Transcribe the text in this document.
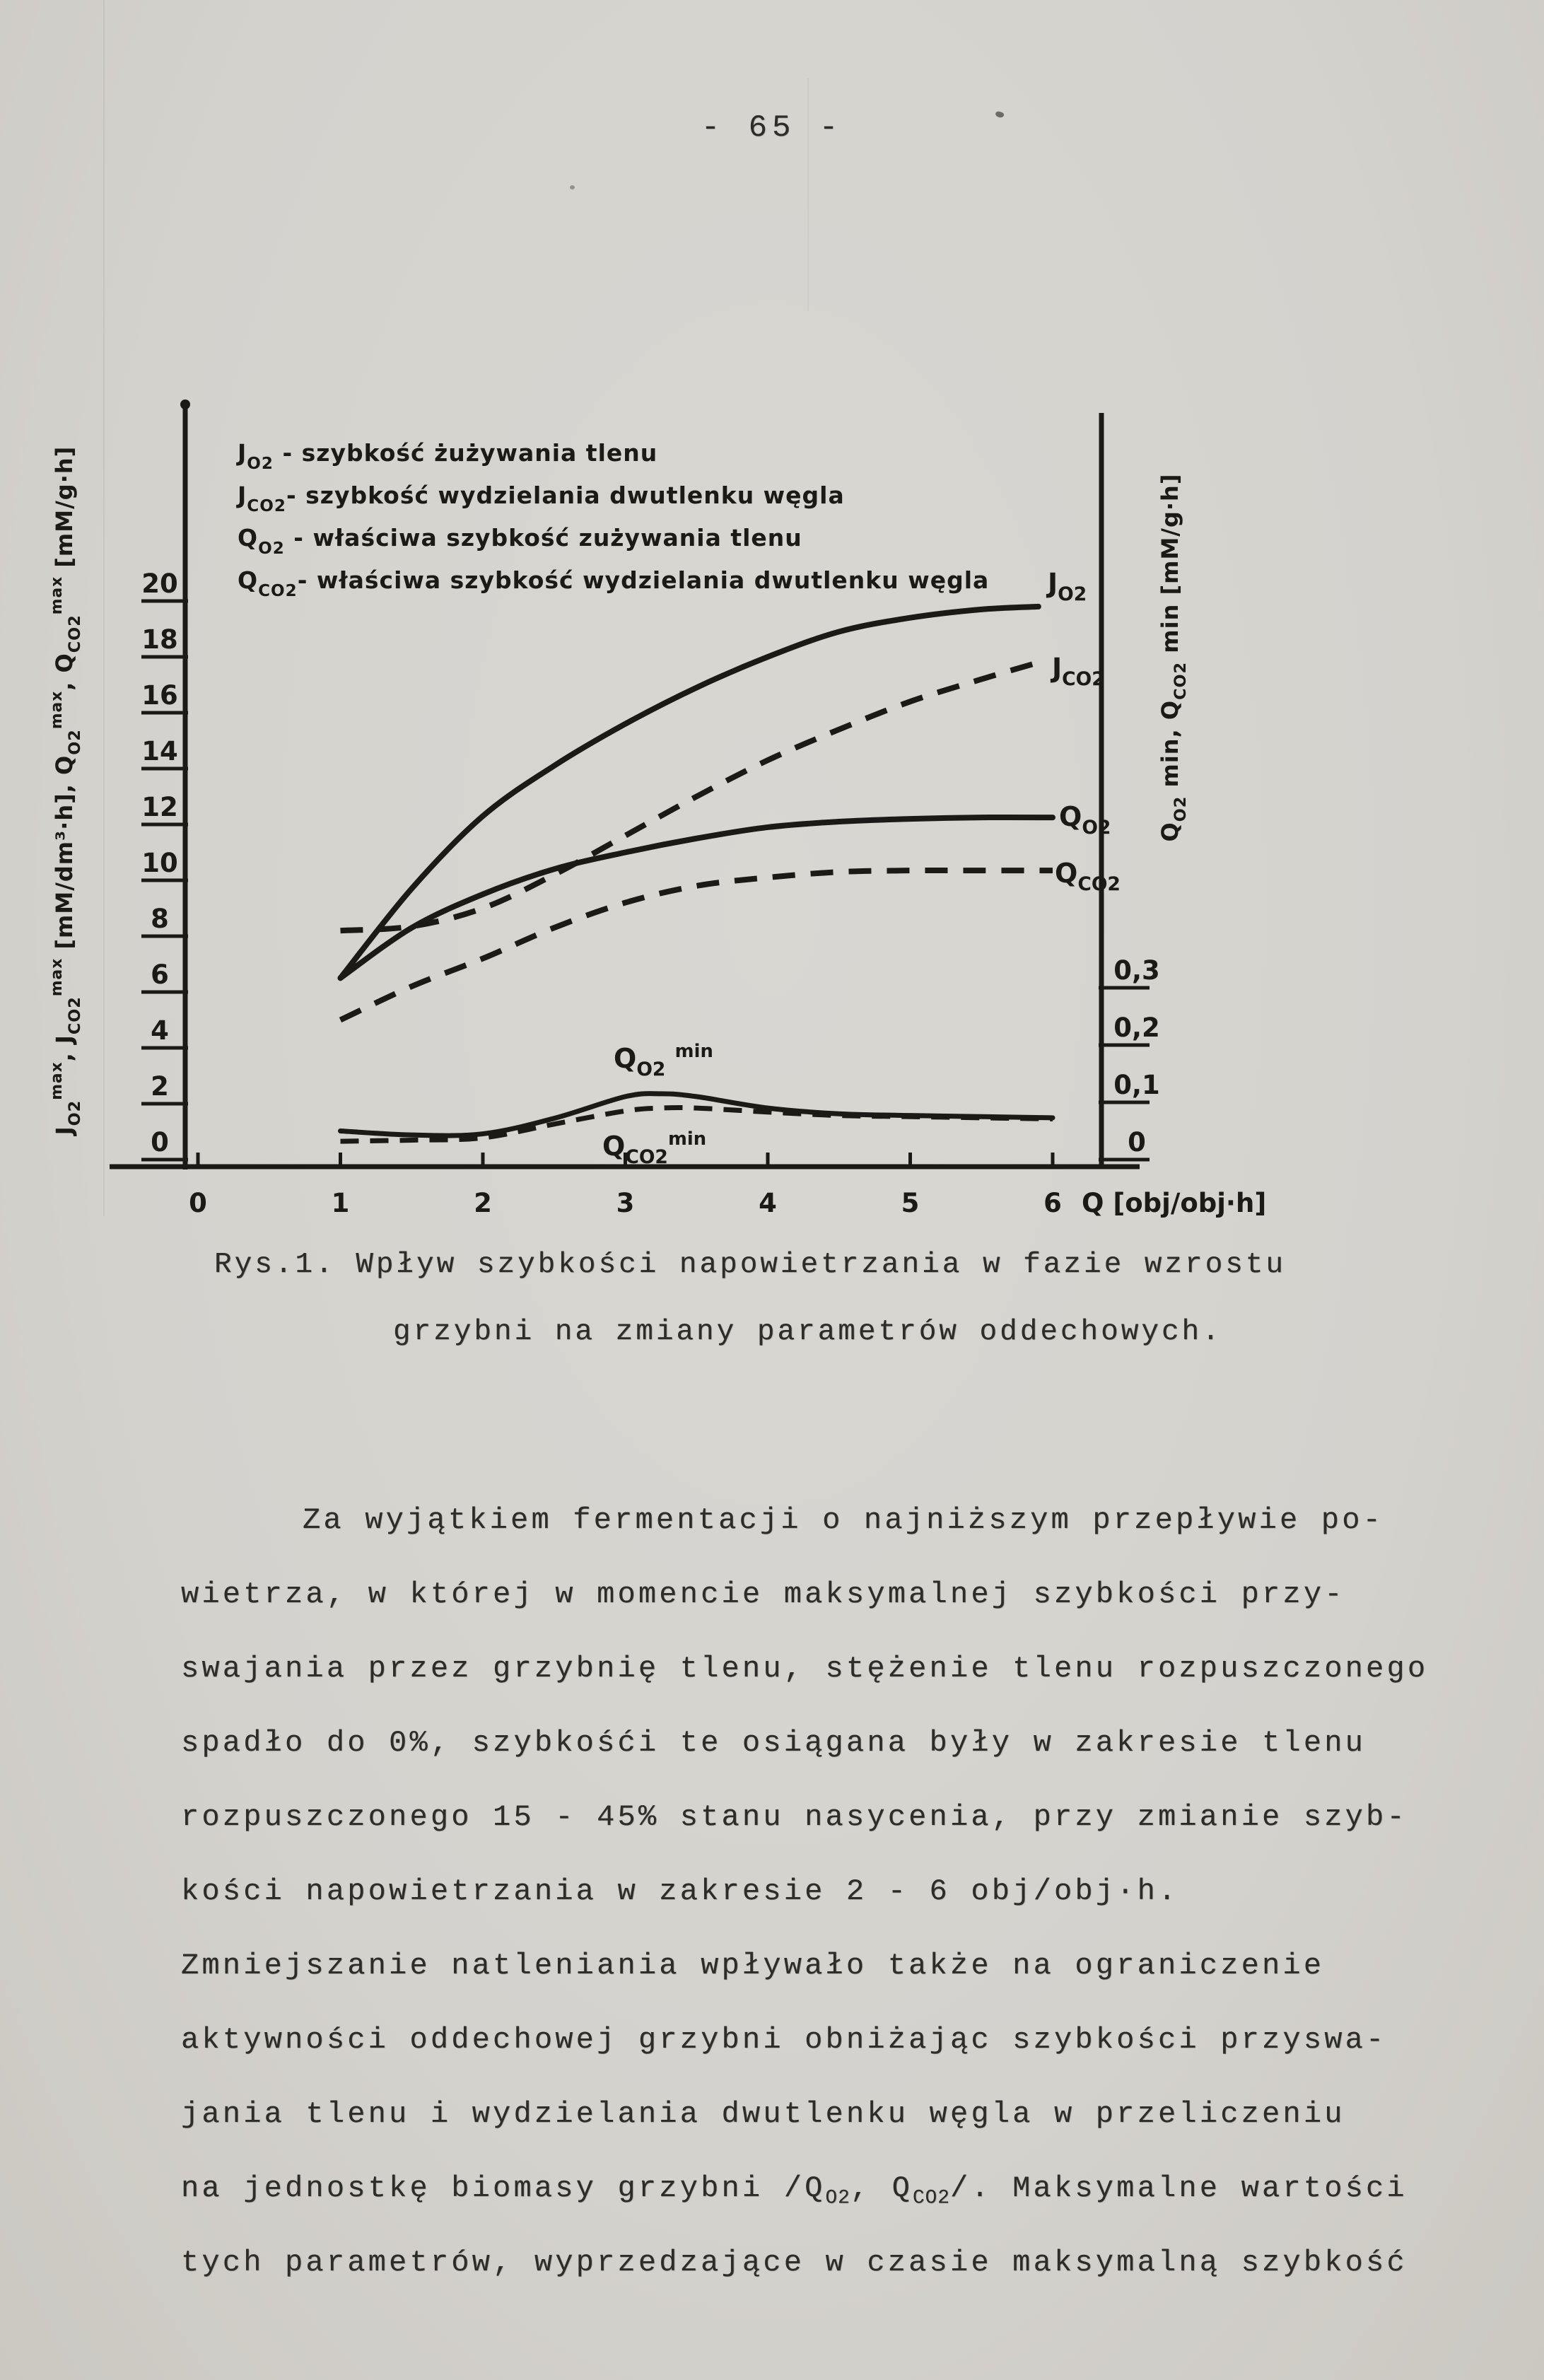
- 65 -
20
18
16
14
12
10
8
6
4
2
0
0,3
0,2
0,1
0
0	1	2	3	4	5	6 Q [obj/obj·h]
$J_{O2}^{max}$, $J_{CO2}^{max}$ [mM/dm³·h], $Q_{O2}^{max}$, $Q_{CO2}^{max}$ [mM/g·h]
$Q_{O2}$ min, $Q_{CO2}$ min [mM/g·h]
$J_{O2}$ - szybkość żużywania tlenu
$J_{CO2}-$ szybkość wydzielania dwutlenku węgla
$Q_{O2}$ - właściwa szybkość zużywania tlenu
$Q_{CO2}-$ właściwa szybkość wydzielania dwutlenku węgla $J_{O2}$
$J_{CO2}$
$Q_{O2}$
$Q_{CO2}$
$Q_{O2}$ $^{min}$
$Q_{CO2}^{min}$
Rys.1. Wpływ szybkości napowietrzania w fazie wzrostu
grzybni na zmiany parametrów oddechowych.
Za wyjątkiem fermentacji o najniższym przepływie po-
wietrza, w której w momencie maksymalnej szybkości przy-
swajania przez grzybnię tlenu, stężenie tlenu rozpuszczonego
spadło do 0%, szybkośći te osiągana były w zakresie tlenu
rozpuszczonego 15 - 45% stanu nasycenia, przy zmianie szyb-
kości napowietrzania w zakresie 2 - 6 obj/obj·h.
Zmniejszanie natleniania wpływało także na ograniczenie
aktywności oddechowej grzybni obniżając szybkości przyswa-
jania tlenu i wydzielania dwutlenku węgla w przeliczeniu
na jednostkę biomasy grzybni $/Q_{O2}$, $Q_{CO2}/$. Maksymalne wartości
tych parametrów, wyprzedzające w czasie maksymalną szybkość
